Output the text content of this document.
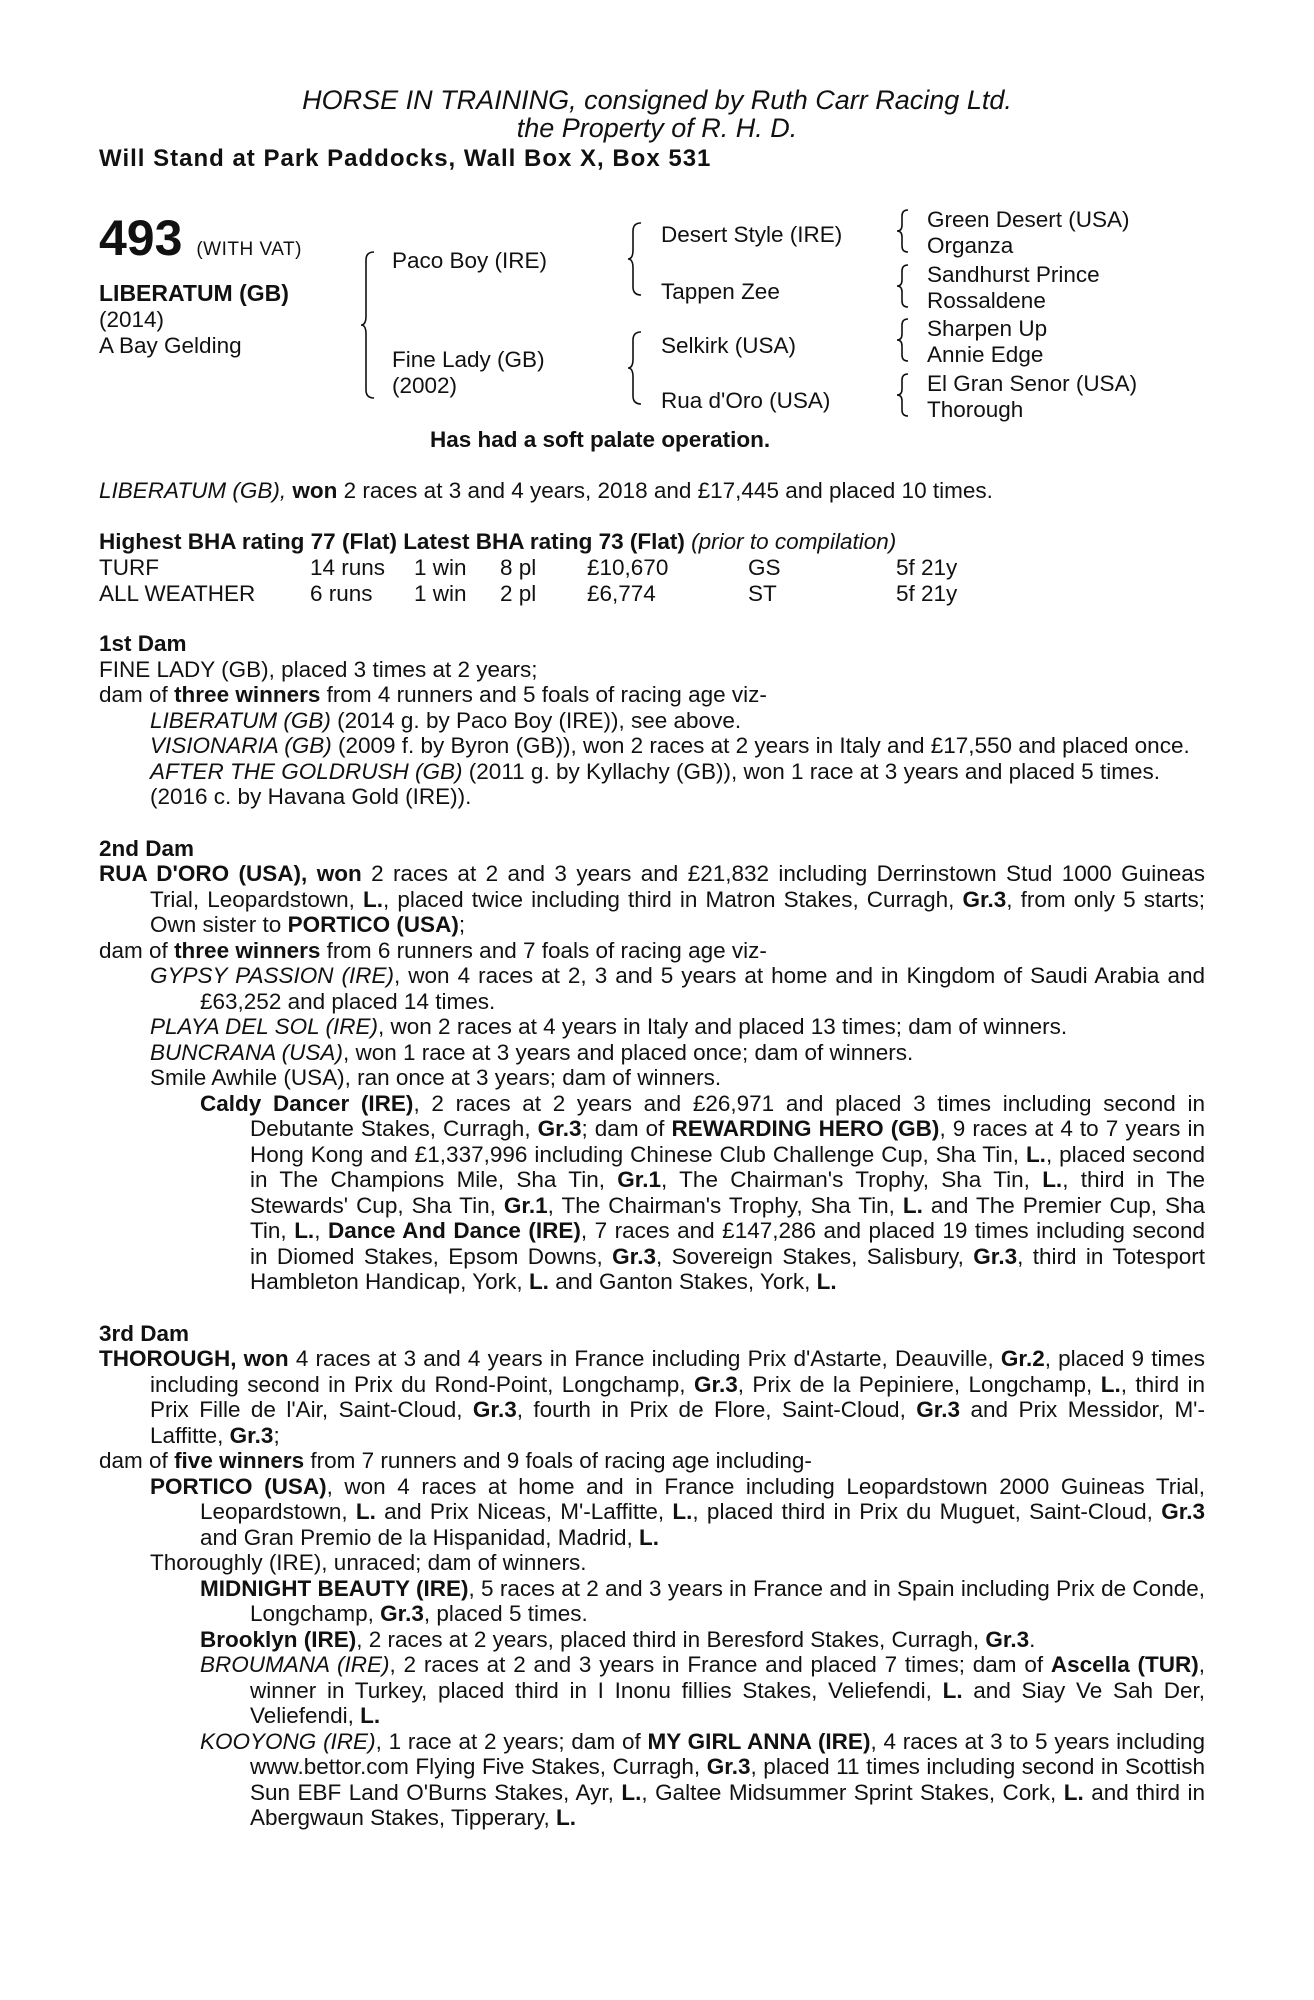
HORSE IN TRAINING, consigned by Ruth Carr Racing Ltd.
the Property of R. H. D.
Will Stand at Park Paddocks, Wall Box X, Box 531
493 (WITH VAT)
LIBERATUM (GB)
(2014)
A Bay Gelding
Paco Boy (IRE)
Fine Lady (GB)
(2002)
Desert Style (IRE)
Tappen Zee
Selkirk (USA)
Rua d'Oro (USA)
Green Desert (USA)
Organza
Sandhurst Prince
Rossaldene
Sharpen Up
Annie Edge
El Gran Senor (USA)
Thorough
Has had a soft palate operation.
LIBERATUM (GB), won 2 races at 3 and 4 years, 2018 and £17,445 and placed 10 times.
Highest BHA rating 77 (Flat) Latest BHA rating 73 (Flat) (prior to compilation)
TURF	14 runs	1 win	8 pl	£10,670	GS	5f 21y
ALL WEATHER	6 runs	1 win	2 pl	£6,774	ST	5f 21y

1st Dam

FINE LADY (GB), placed 3 times at 2 years;

dam of three winners from 4 runners and 5 foals of racing age viz-

LIBERATUM (GB) (2014 g. by Paco Boy (IRE)), see above.

VISIONARIA (GB) (2009 f. by Byron (GB)), won 2 races at 2 years in Italy and £17,550 and placed once.

AFTER THE GOLDRUSH (GB) (2011 g. by Kyllachy (GB)), won 1 race at 3 years and placed 5 times.

(2016 c. by Havana Gold (IRE)).

2nd Dam

RUA D'ORO (USA), won 2 races at 2 and 3 years and £21,832 including Derrinstown Stud 1000 Guineas Trial, Leopardstown, L., placed twice including third in Matron Stakes, Curragh, Gr.3, from only 5 starts; Own sister to PORTICO (USA);

dam of three winners from 6 runners and 7 foals of racing age viz-

GYPSY PASSION (IRE), won 4 races at 2, 3 and 5 years at home and in Kingdom of Saudi Arabia and £63,252 and placed 14 times.

PLAYA DEL SOL (IRE), won 2 races at 4 years in Italy and placed 13 times; dam of winners.

BUNCRANA (USA), won 1 race at 3 years and placed once; dam of winners.

Smile Awhile (USA), ran once at 3 years; dam of winners.

Caldy Dancer (IRE), 2 races at 2 years and £26,971 and placed 3 times including second in Debutante Stakes, Curragh, Gr.3; dam of REWARDING HERO (GB), 9 races at 4 to 7 years in Hong Kong and £1,337,996 including Chinese Club Challenge Cup, Sha Tin, L., placed second in The Champions Mile, Sha Tin, Gr.1, The Chairman's Trophy, Sha Tin, L., third in The Stewards' Cup, Sha Tin, Gr.1, The Chairman's Trophy, Sha Tin, L. and The Premier Cup, Sha Tin, L., Dance And Dance (IRE), 7 races and £147,286 and placed 19 times including second in Diomed Stakes, Epsom Downs, Gr.3, Sovereign Stakes, Salisbury, Gr.3, third in Totesport Hambleton Handicap, York, L. and Ganton Stakes, York, L.

3rd Dam

THOROUGH, won 4 races at 3 and 4 years in France including Prix d'Astarte, Deauville, Gr.2, placed 9 times including second in Prix du Rond-Point, Longchamp, Gr.3, Prix de la Pepiniere, Longchamp, L., third in Prix Fille de l'Air, Saint-Cloud, Gr.3, fourth in Prix de Flore, Saint-Cloud, Gr.3 and Prix Messidor, M'-Laffitte, Gr.3;

dam of five winners from 7 runners and 9 foals of racing age including-

PORTICO (USA), won 4 races at home and in France including Leopardstown 2000 Guineas Trial, Leopardstown, L. and Prix Niceas, M'-Laffitte, L., placed third in Prix du Muguet, Saint-Cloud, Gr.3 and Gran Premio de la Hispanidad, Madrid, L.

Thoroughly (IRE), unraced; dam of winners.

MIDNIGHT BEAUTY (IRE), 5 races at 2 and 3 years in France and in Spain including Prix de Conde, Longchamp, Gr.3, placed 5 times.

Brooklyn (IRE), 2 races at 2 years, placed third in Beresford Stakes, Curragh, Gr.3.

BROUMANA (IRE), 2 races at 2 and 3 years in France and placed 7 times; dam of Ascella (TUR), winner in Turkey, placed third in I Inonu fillies Stakes, Veliefendi, L. and Siay Ve Sah Der, Veliefendi, L.

KOOYONG (IRE), 1 race at 2 years; dam of MY GIRL ANNA (IRE), 4 races at 3 to 5 years including www.bettor.com Flying Five Stakes, Curragh, Gr.3, placed 11 times including second in Scottish Sun EBF Land O'Burns Stakes, Ayr, L., Galtee Midsummer Sprint Stakes, Cork, L. and third in Abergwaun Stakes, Tipperary, L.
